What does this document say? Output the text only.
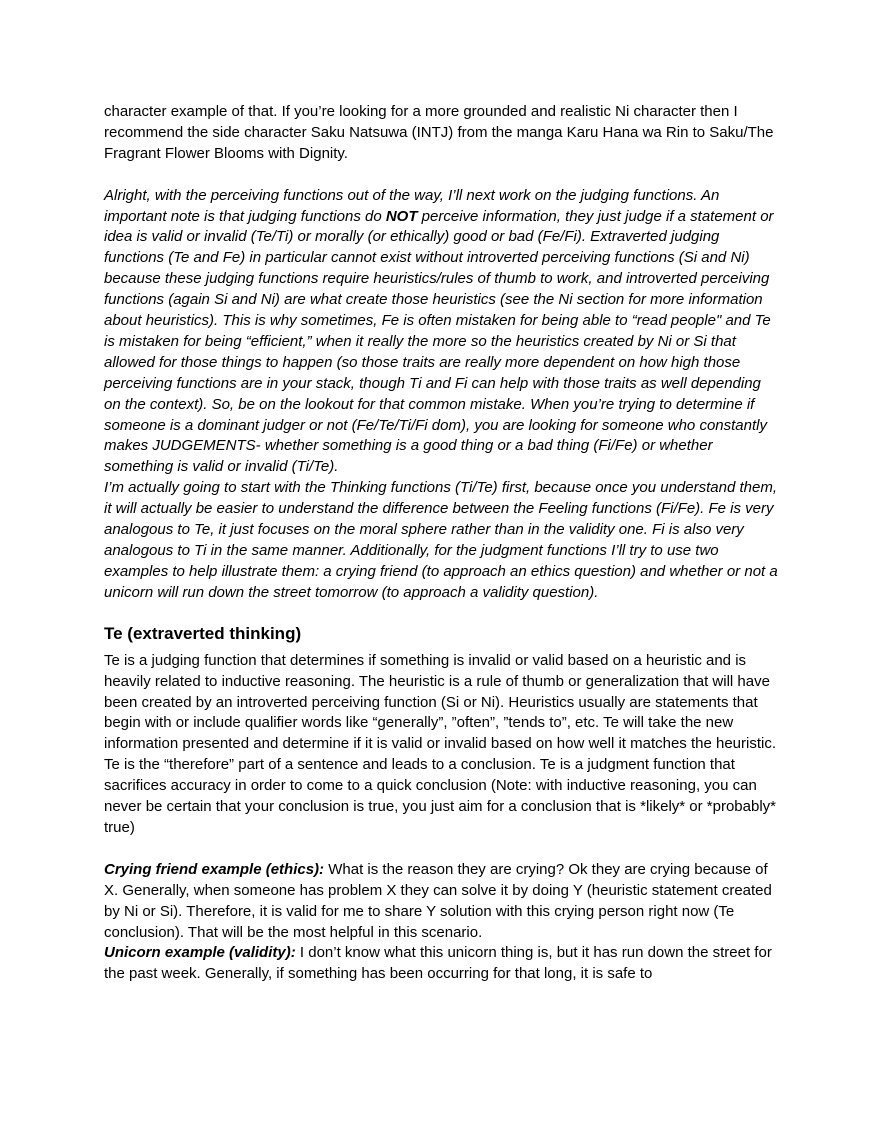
character example of that. If you’re looking for a more grounded and realistic Ni character then I recommend the side character Saku Natsuwa (INTJ) from the manga Karu Hana wa Rin to Saku/The Fragrant Flower Blooms with Dignity.

Alright, with the perceiving functions out of the way, I’ll next work on the judging functions. An important note is that judging functions do NOT perceive information, they just judge if a statement or idea is valid or invalid (Te/Ti) or morally (or ethically) good or bad (Fe/Fi). Extraverted judging functions (Te and Fe) in particular cannot exist without introverted perceiving functions (Si and Ni) because these judging functions require heuristics/rules of thumb to work, and introverted perceiving functions (again Si and Ni) are what create those heuristics (see the Ni section for more information about heuristics). This is why sometimes, Fe is often mistaken for being able to “read people" and Te is mistaken for being “efficient,” when it really the more so the heuristics created by Ni or Si that allowed for those things to happen (so those traits are really more dependent on how high those perceiving functions are in your stack, though Ti and Fi can help with those traits as well depending on the context). So, be on the lookout for that common mistake. When you’re trying to determine if someone is a dominant judger or not (Fe/Te/Ti/Fi dom), you are looking for someone who constantly makes JUDGEMENTS- whether something is a good thing or a bad thing (Fi/Fe) or whether something is valid or invalid (Ti/Te).

I’m actually going to start with the Thinking functions (Ti/Te) first, because once you understand them, it will actually be easier to understand the difference between the Feeling functions (Fi/Fe). Fe is very analogous to Te, it just focuses on the moral sphere rather than in the validity one. Fi is also very analogous to Ti in the same manner. Additionally, for the judgment functions I’ll try to use two examples to help illustrate them: a crying friend (to approach an ethics question) and whether or not a unicorn will run down the street tomorrow (to approach a validity question).

Te (extraverted thinking)

Te is a judging function that determines if something is invalid or valid based on a heuristic and is heavily related to inductive reasoning. The heuristic is a rule of thumb or generalization that will have been created by an introverted perceiving function (Si or Ni). Heuristics usually are statements that begin with or include qualifier words like “generally”, ”often”, ”tends to”, etc. Te will take the new information presented and determine if it is valid or invalid based on how well it matches the heuristic. Te is the “therefore” part of a sentence and leads to a conclusion. Te is a judgment function that sacrifices accuracy in order to come to a quick conclusion (Note: with inductive reasoning, you can never be certain that your conclusion is true, you just aim for a conclusion that is *likely* or *probably* true)

Crying friend example (ethics): What is the reason they are crying? Ok they are crying because of X. Generally, when someone has problem X they can solve it by doing Y (heuristic statement created by Ni or Si). Therefore, it is valid for me to share Y solution with this crying person right now (Te conclusion). That will be the most helpful in this scenario.

Unicorn example (validity): I don’t know what this unicorn thing is, but it has run down the street for the past week. Generally, if something has been occurring for that long, it is safe to
